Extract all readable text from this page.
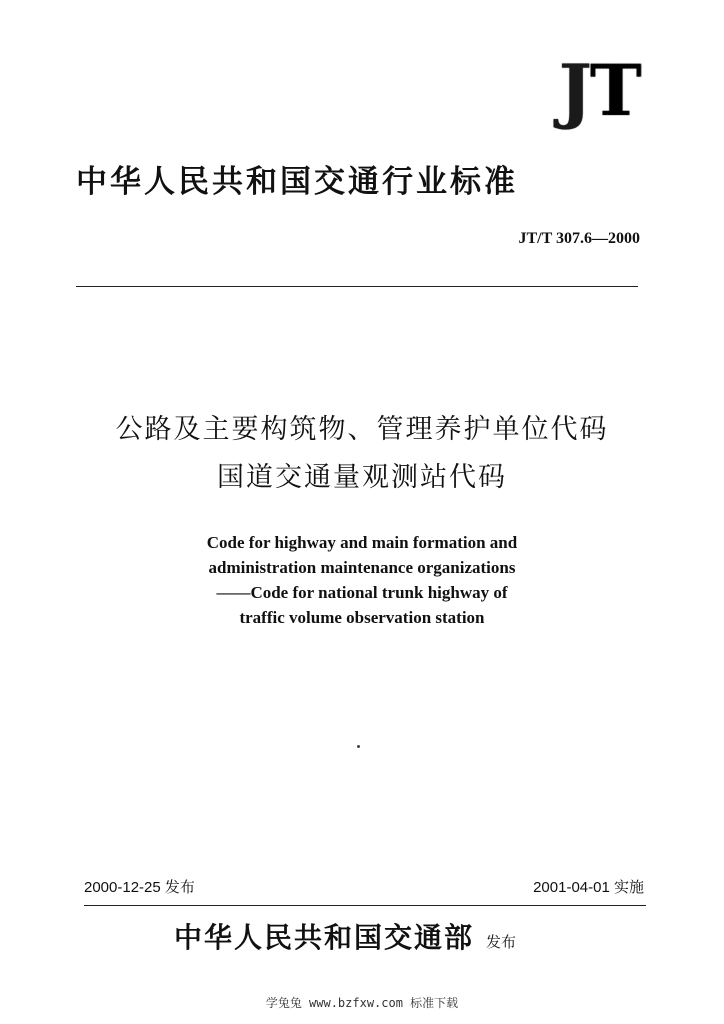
JT
中华人民共和国交通行业标准
JT/T 307.6—2000
公路及主要构筑物、管理养护单位代码
国道交通量观测站代码
Code for highway and main formation and
administration maintenance organizations
——Code for national trunk highway of
traffic volume observation station
2000-12-25 发布	2001-04-01 实施
中华人民共和国交通部 发布
学兔兔 www.bzfxw.com 标准下载
